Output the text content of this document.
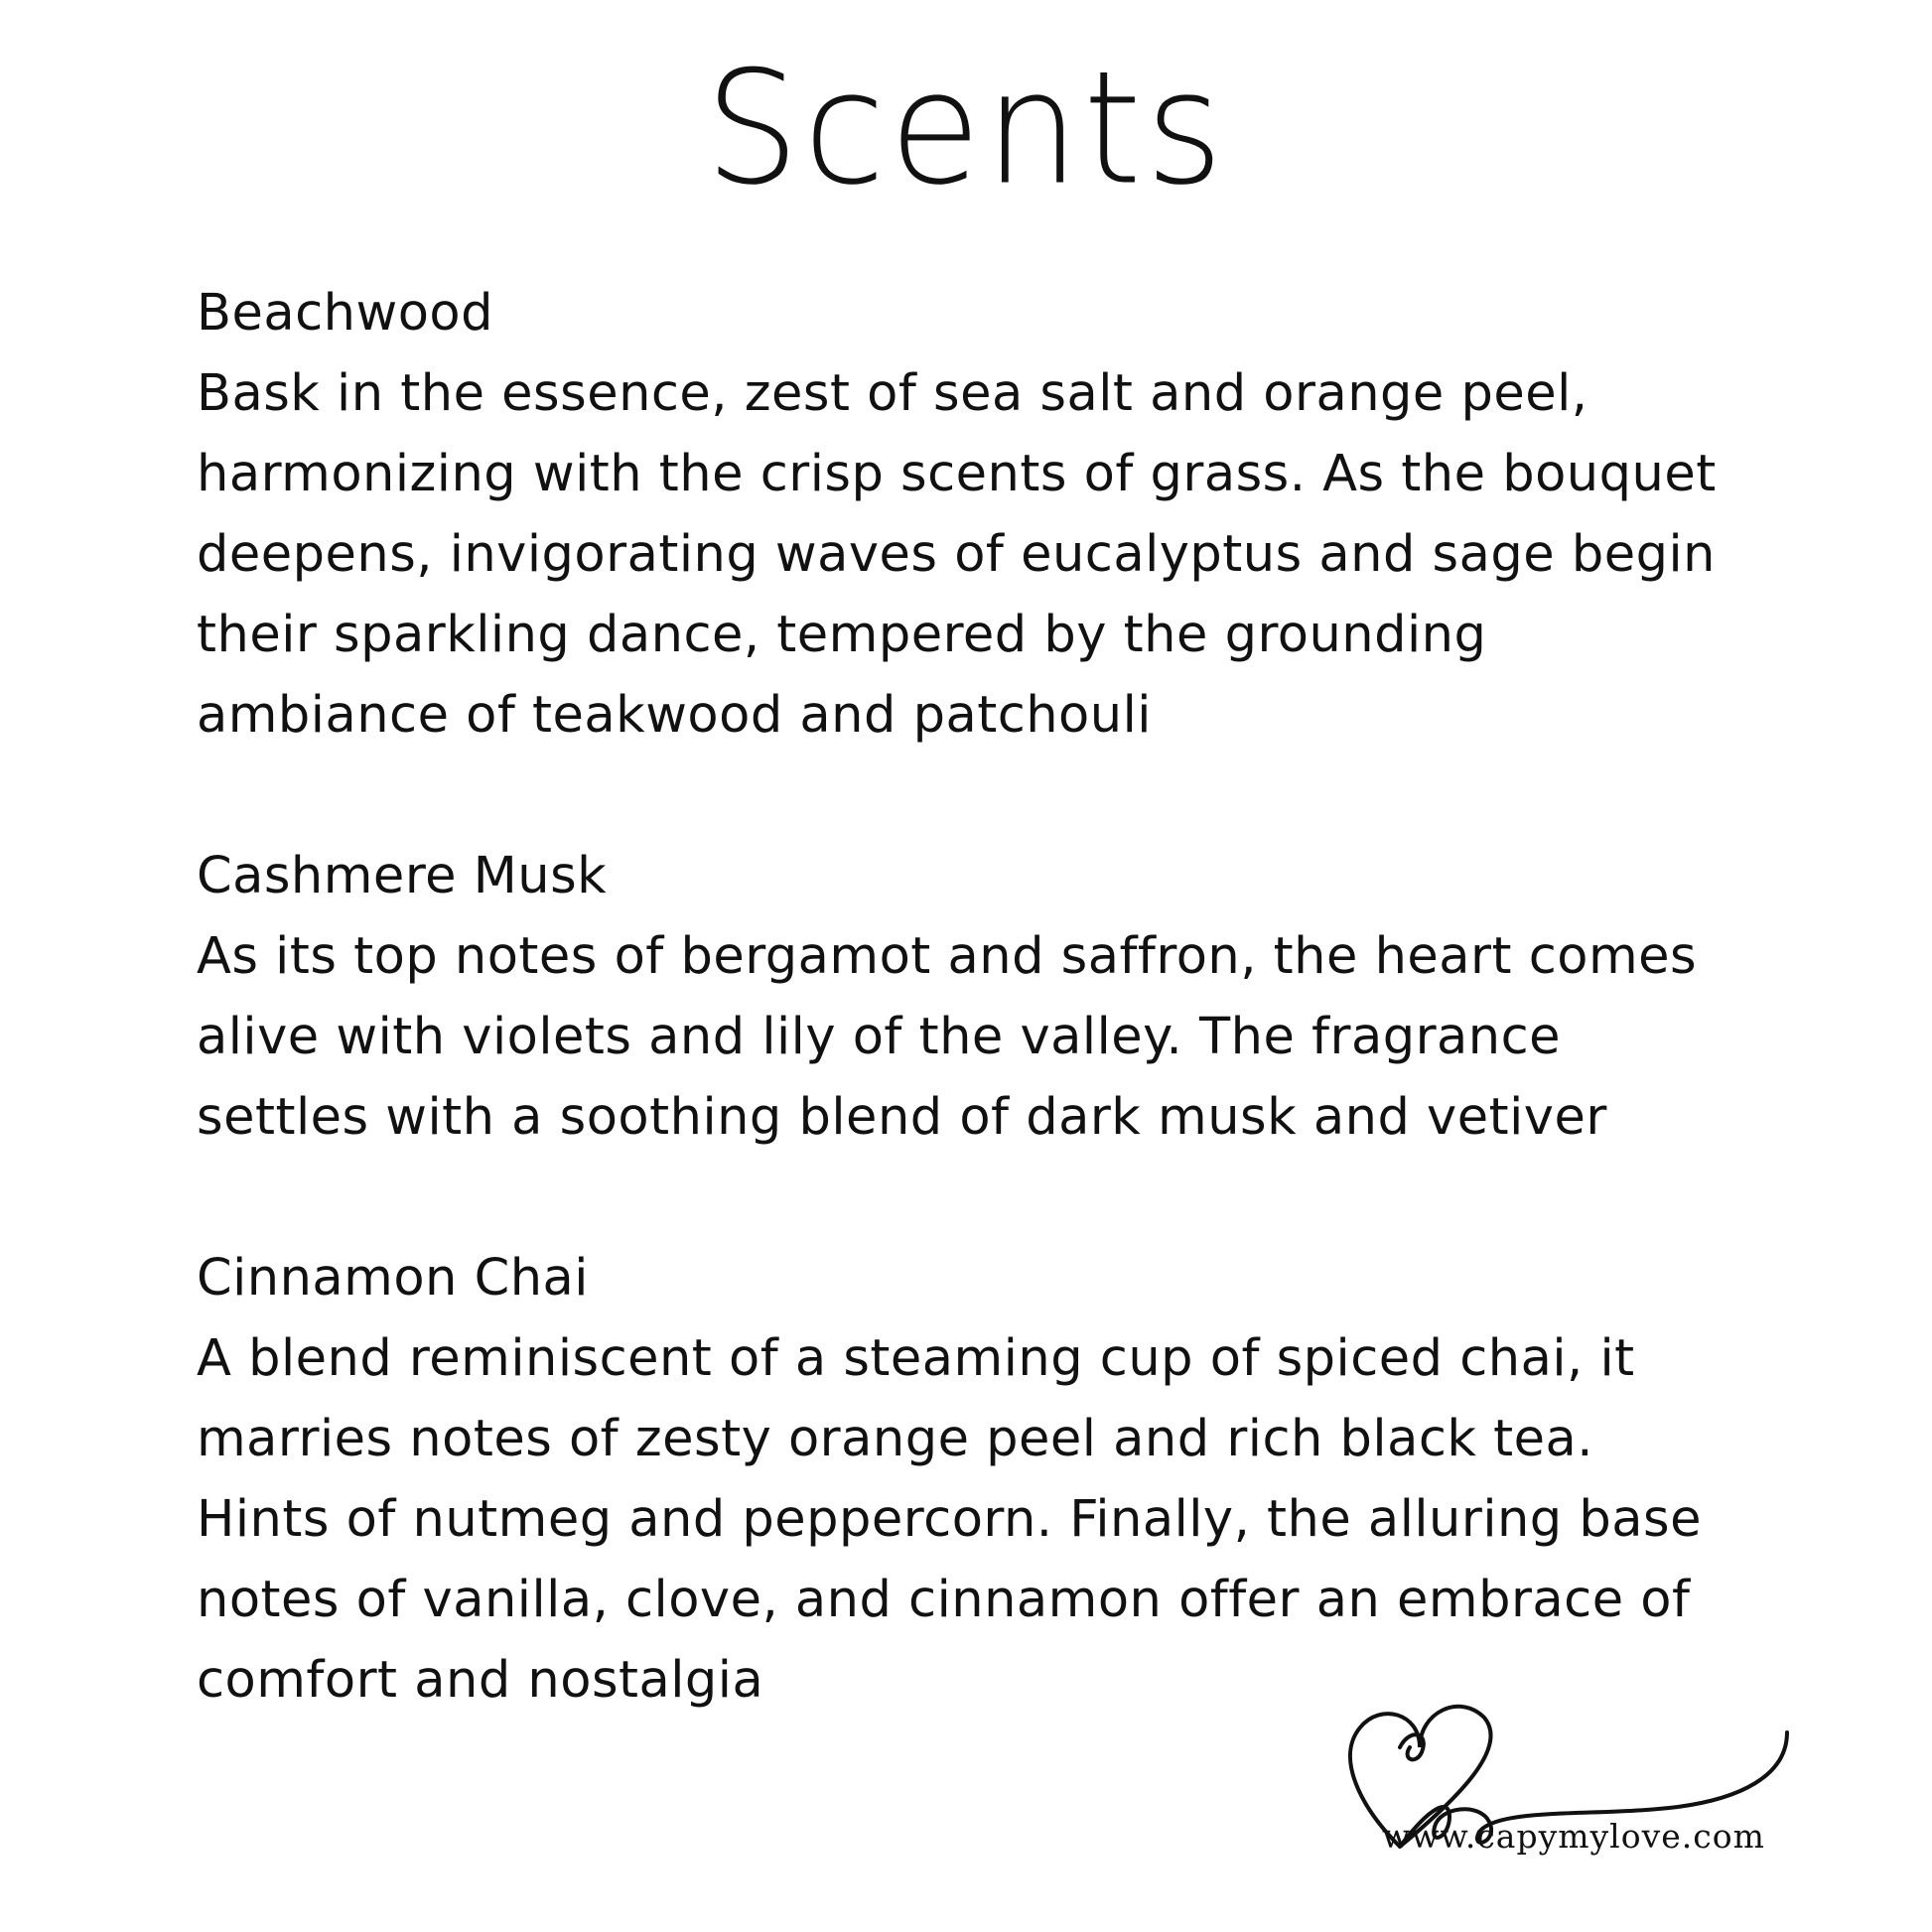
Scents
Beachwood
Bask in the essence, zest of sea salt and orange peel,
harmonizing with the crisp scents of grass. As the bouquet
deepens, invigorating waves of eucalyptus and sage begin
their sparkling dance, tempered by the grounding
ambiance of teakwood and patchouli
Cashmere Musk
As its top notes of bergamot and saffron, the heart comes
alive with violets and lily of the valley. The fragrance
settles with a soothing blend of dark musk and vetiver
Cinnamon Chai
A blend reminiscent of a steaming cup of spiced chai, it
marries notes of zesty orange peel and rich black tea.
Hints of nutmeg and peppercorn. Finally, the alluring base
notes of vanilla, clove, and cinnamon offer an embrace of
comfort and nostalgia
www.capymylove.com
